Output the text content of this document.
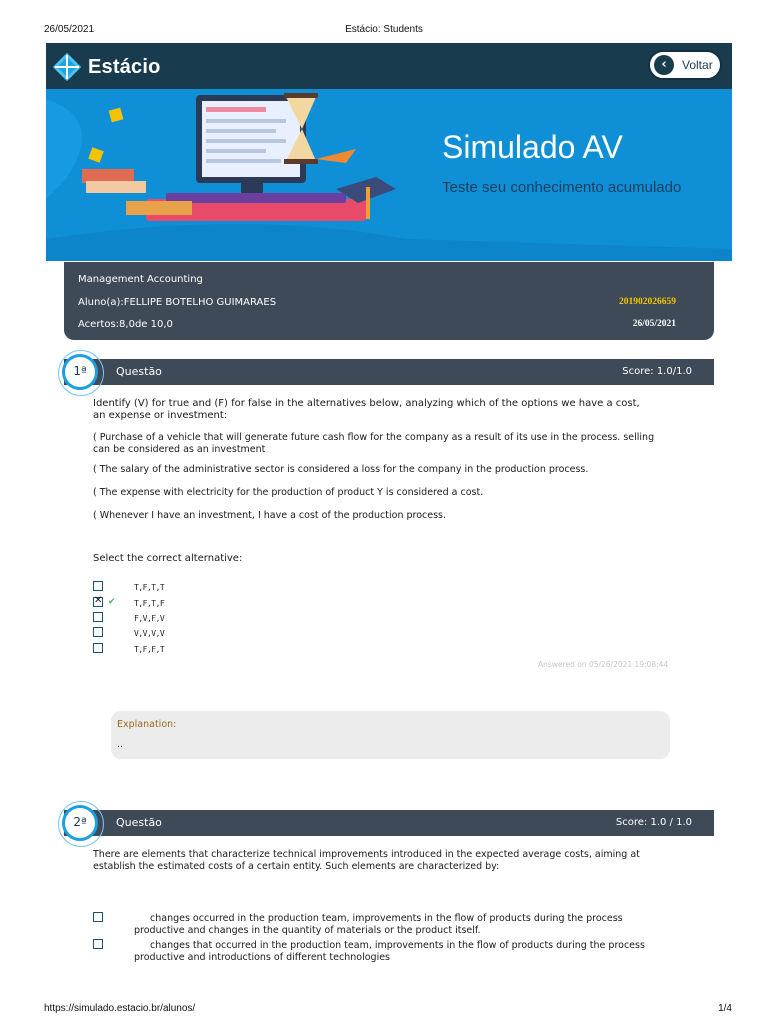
26/05/2021	Estácio: Students
Estácio	‹	Voltar
Simulado AV
Teste seu conhecimento acumulado
Management Accounting
Aluno(a):FELLIPE BOTELHO GUIMARAES	201902026659
Acertos:8,0de 10,0	26/05/2021
Questão	Score: 1.0/1.0
1ª
Identify (V) for true and (F) for false in the alternatives below, analyzing which of the options we have a cost, an expense or investment:
( Purchase of a vehicle that will generate future cash flow for the company as a result of its use in the process. selling can be considered as an investment
( The salary of the administrative sector is considered a loss for the company in the production process.
( The expense with electricity for the production of product Y is considered a cost.
( Whenever I have an investment, I have a cost of the production process.
Select the correct alternative:
T,F,T,T
✕
✔ T,F,T,F
F,V,F,V
V,V,V,V
T,F,F,T
Answered on 05/26/2021 19:08:44
Explanation:
..
Questão	Score: 1.0 / 1.0
2ª
There are elements that characterize technical improvements introduced in the expected average costs, aiming at establish the estimated costs of a certain entity. Such elements are characterized by:
changes occurred in the production team, improvements in the flow of products during the process productive and changes in the quantity of materials or the product itself.
changes that occurred in the production team, improvements in the flow of products during the process productive and introductions of different technologies
https://simulado.estacio.br/alunos/	1/4
